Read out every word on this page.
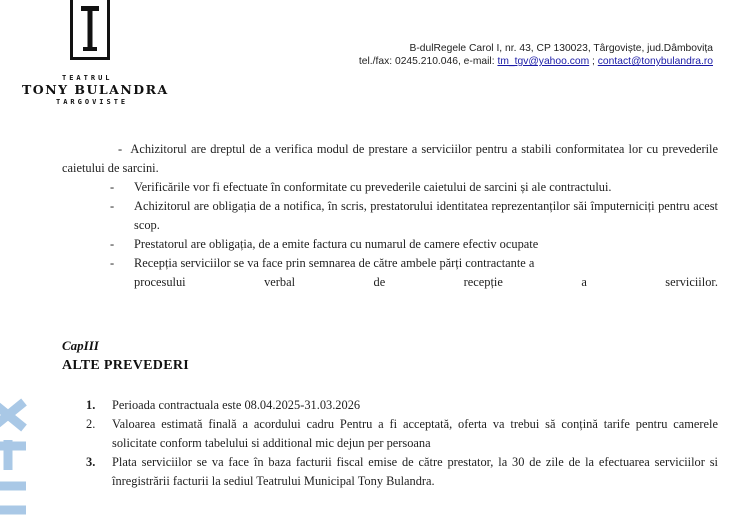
TEATRUL
TONY BULANDRA
TARGOVISTE
B-dulRegele Carol I, nr. 43, CP 130023, Târgoviște, jud.Dâmbovița
tel./fax: 0245.210.046, e-mail: tm_tgv@yahoo.com ; contact@tonybulandra.ro

- Achizitorul are dreptul de a verifica modul de prestare a serviciilor pentru a stabili conformitatea lor cu prevederile caietului de sarcini.

- Verificările vor fi efectuate în conformitate cu prevederile caietului de sarcini și ale contractului.
- Achizitorul are obligația de a notifica, în scris, prestatorului identitatea reprezentanților săi împuterniciți pentru acest scop.
- Prestatorul are obligația, de a emite factura cu numarul de camere efectiv ocupate
- Recepția serviciilor se va face prin semnarea de către ambele părți contractante a
procesului	verbal	de	recepție	a	serviciilor.
CapIII
ALTE PREVEDERI
1. Perioada contractuala este 08.04.2025-31.03.2026
2. Valoarea estimată finală a acordului cadru Pentru a fi acceptată, oferta va trebui să conțină tarife pentru camerele solicitate conform tabelului si additional mic dejun per persoana
3. Plata serviciilor se va face în baza facturii fiscal emise de către prestator, la 30 de zile de la efectuarea serviciilor si înregistrării facturii la sediul Teatrului Municipal Tony Bulandra.
